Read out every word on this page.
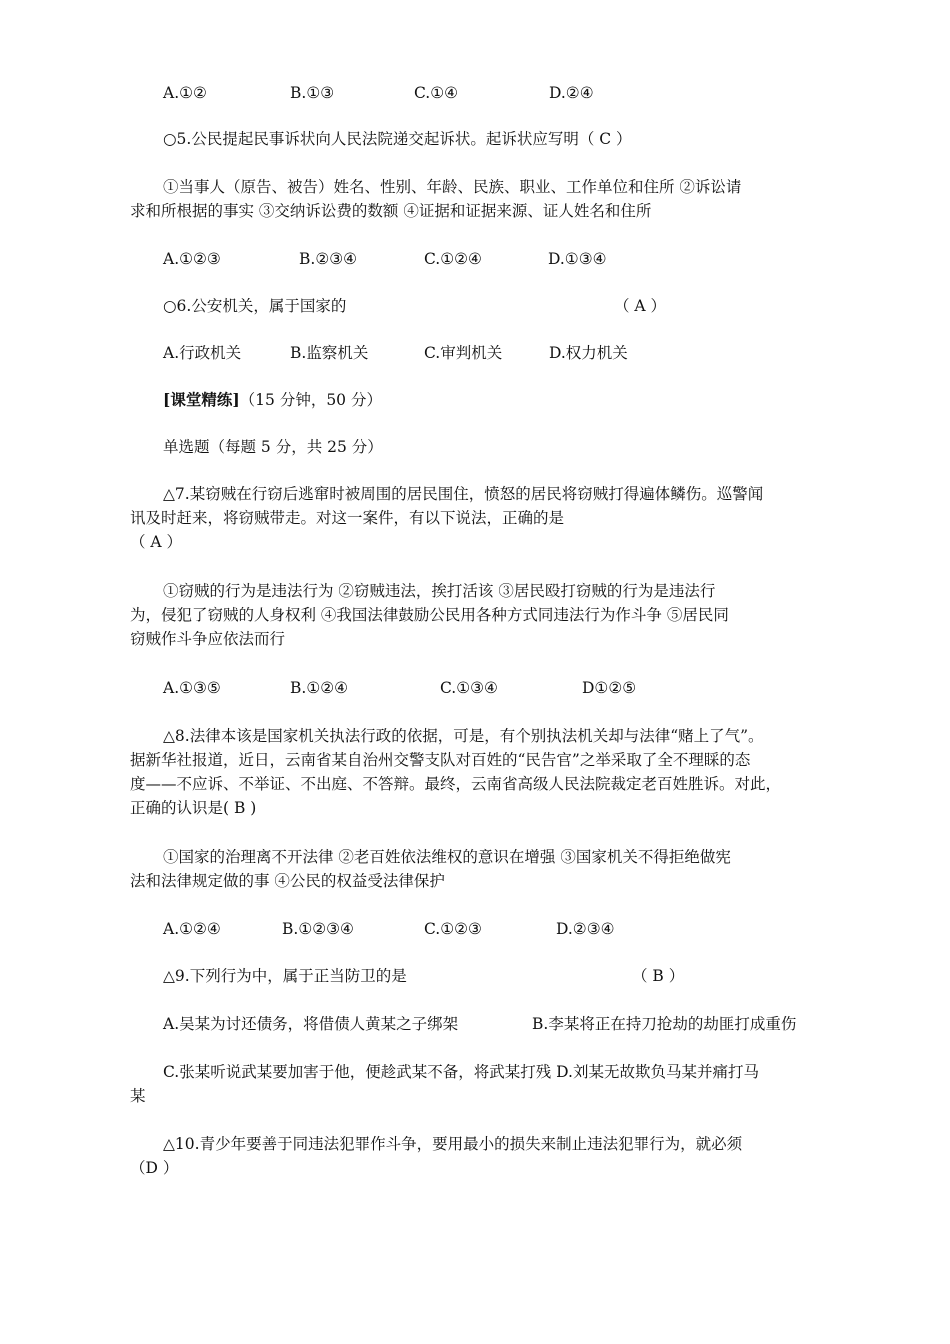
A.①②	B.①③	C.①④	D.②④
○5.公民提起民事诉状向人民法院递交起诉状。起诉状应写明（ C ）
①当事人（原告、被告）姓名、性别、年龄、民族、职业、工作单位和住所 ②诉讼请
求和所根据的事实 ③交纳诉讼费的数额 ④证据和证据来源、证人姓名和住所
A.①②③	B.②③④	C.①②④	D.①③④
○6.公安机关，属于国家的	（ A ）
A.行政机关	B.监察机关	C.审判机关	D.权力机关
[课堂精练]（15 分钟，50 分）
单选题（每题 5 分，共 25 分）
△7.某窃贼在行窃后逃窜时被周围的居民围住，愤怒的居民将窃贼打得遍体鳞伤。巡警闻
讯及时赶来，将窃贼带走。对这一案件，有以下说法，正确的是
（ A ）
①窃贼的行为是违法行为 ②窃贼违法，挨打活该 ③居民殴打窃贼的行为是违法行
为，侵犯了窃贼的人身权利 ④我国法律鼓励公民用各种方式同违法行为作斗争 ⑤居民同
窃贼作斗争应依法而行
A.①③⑤	B.①②④	C.①③④	D①②⑤
△8.法律本该是国家机关执法行政的依据，可是，有个别执法机关却与法律“赌上了气”。
据新华社报道，近日，云南省某自治州交警支队对百姓的“民告官”之举采取了全不理睬的态
度——不应诉、不举证、不出庭、不答辩。最终，云南省高级人民法院裁定老百姓胜诉。对此，
正确的认识是( B )
①国家的治理离不开法律 ②老百姓依法维权的意识在增强 ③国家机关不得拒绝做宪
法和法律规定做的事 ④公民的权益受法律保护
A.①②④	B.①②③④	C.①②③	D.②③④
△9.下列行为中，属于正当防卫的是	（ B ）
A.吴某为讨还债务，将借债人黄某之子绑架	B.李某将正在持刀抢劫的劫匪打成重伤
C.张某听说武某要加害于他，便趁武某不备，将武某打残 D.刘某无故欺负马某并痛打马
某
△10.青少年要善于同违法犯罪作斗争，要用最小的损失来制止违法犯罪行为，就必须
（D ）
